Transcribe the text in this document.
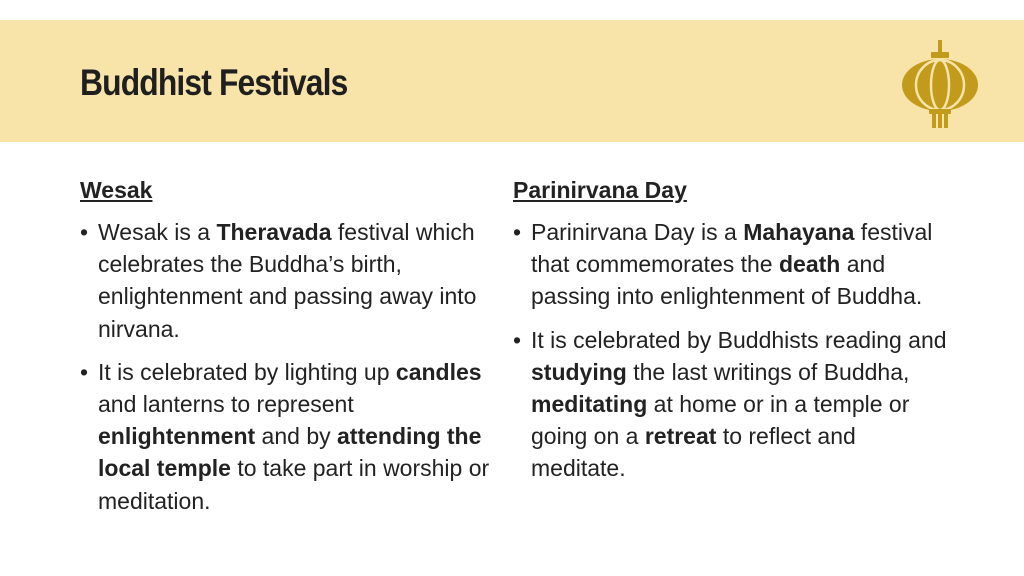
Buddhist Festivals
Wesak
• Wesak is a Theravada festival which celebrates the Buddha’s birth, enlightenment and passing away into nirvana.
• It is celebrated by lighting up candles and lanterns to represent enlightenment and by attending the local temple to take part in worship or meditation.
Parinirvana Day
• Parinirvana Day is a Mahayana festival that commemorates the death and passing into enlightenment of Buddha.
• It is celebrated by Buddhists reading and studying the last writings of Buddha, meditating at home or in a temple or going on a retreat to reflect and meditate.
